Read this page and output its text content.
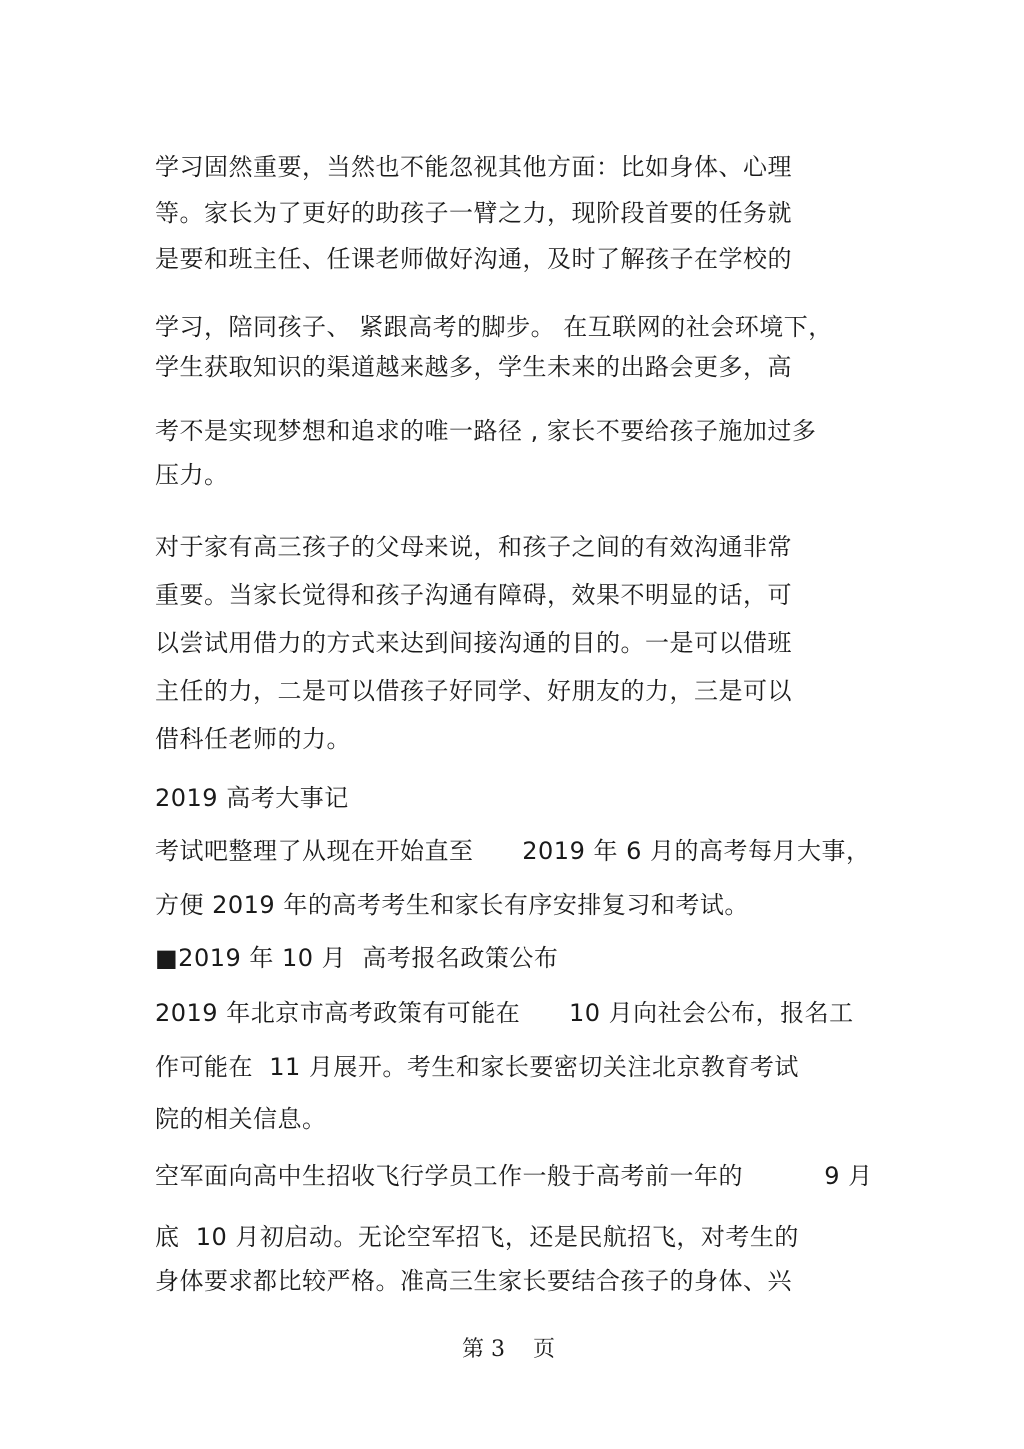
学习固然重要，当然也不能忽视其他方面：比如身体、心理
等。家长为了更好的助孩子一臂之力，现阶段首要的任务就
是要和班主任、任课老师做好沟通，及时了解孩子在学校的
学习，陪同孩子、 紧跟高考的脚步。 在互联网的社会环境下，
学生获取知识的渠道越来越多，学生未来的出路会更多，高
考不是实现梦想和追求的唯一路径 , 家长不要给孩子施加过多
压力。
对于家有高三孩子的父母来说，和孩子之间的有效沟通非常
重要。当家长觉得和孩子沟通有障碍，效果不明显的话，可
以尝试用借力的方式来达到间接沟通的目的。一是可以借班
主任的力，二是可以借孩子好同学、好朋友的力，三是可以
借科任老师的力。
2019 高考大事记
考试吧整理了从现在开始直至      2019 年 6 月的高考每月大事，
方便 2019 年的高考考生和家长有序安排复习和考试。
■2019 年 10 月  高考报名政策公布
2019 年北京市高考政策有可能在      10 月向社会公布，报名工
作可能在  11 月展开。考生和家长要密切关注北京教育考试
院的相关信息。
空军面向高中生招收飞行学员工作一般于高考前一年的          9 月
底  10 月初启动。无论空军招飞，还是民航招飞，对考生的
身体要求都比较严格。准高三生家长要结合孩子的身体、兴
第 3    页
